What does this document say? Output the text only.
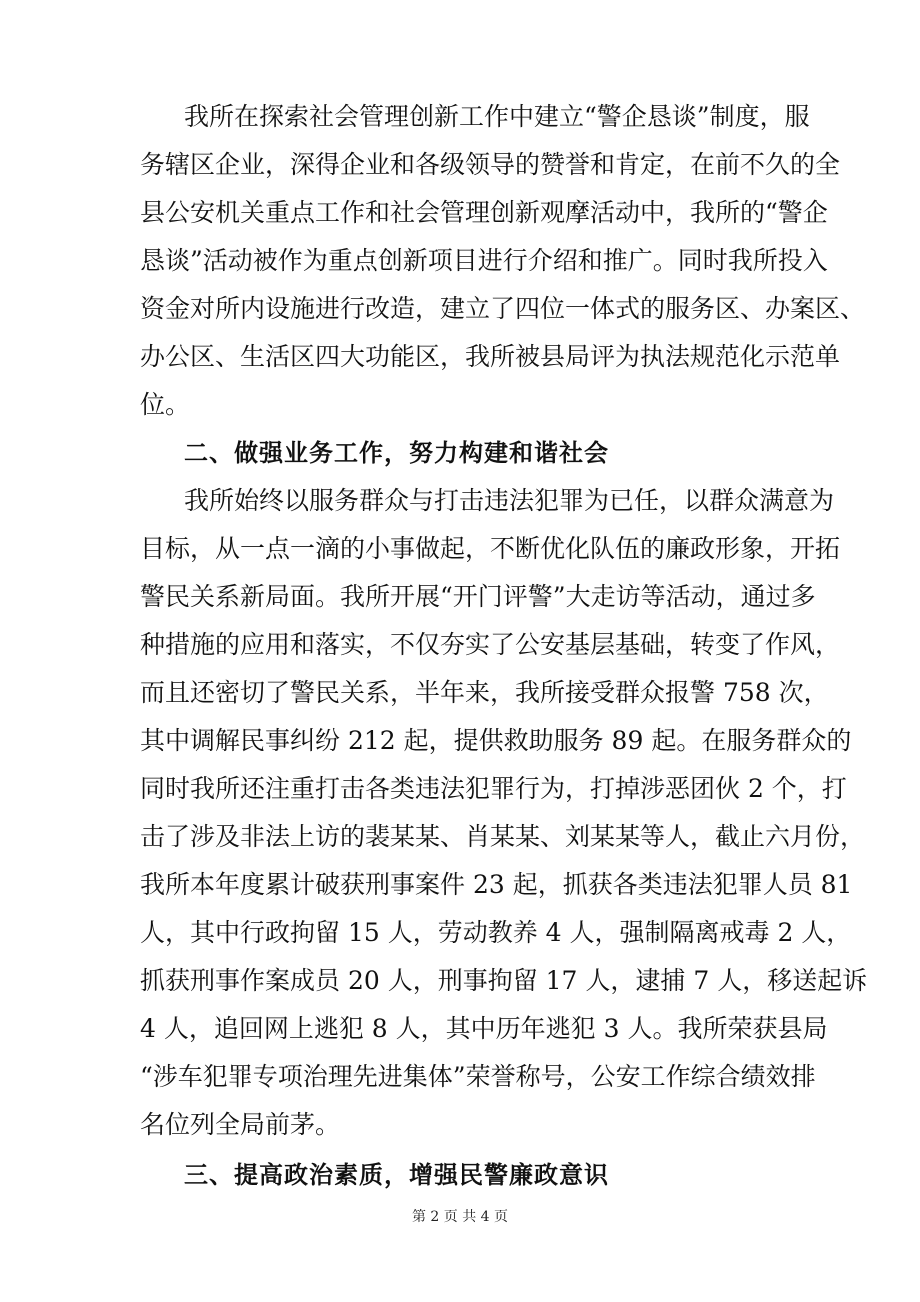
我所在探索社会管理创新工作中建立“警企恳谈”制度，服
务辖区企业，深得企业和各级领导的赞誉和肯定，在前不久的全
县公安机关重点工作和社会管理创新观摩活动中，我所的“警企
恳谈”活动被作为重点创新项目进行介绍和推广。同时我所投入
资金对所内设施进行改造，建立了四位一体式的服务区、办案区、
办公区、生活区四大功能区，我所被县局评为执法规范化示范单
位。
二、做强业务工作，努力构建和谐社会
我所始终以服务群众与打击违法犯罪为已任，以群众满意为
目标，从一点一滴的小事做起，不断优化队伍的廉政形象，开拓
警民关系新局面。我所开展“开门评警”大走访等活动，通过多
种措施的应用和落实，不仅夯实了公安基层基础，转变了作风，
而且还密切了警民关系，半年来，我所接受群众报警 758 次，
其中调解民事纠纷 212 起，提供救助服务 89 起。在服务群众的
同时我所还注重打击各类违法犯罪行为，打掉涉恶团伙 2 个，打
击了涉及非法上访的裴某某、肖某某、刘某某等人，截止六月份，
我所本年度累计破获刑事案件 23 起，抓获各类违法犯罪人员 81
人，其中行政拘留 15 人，劳动教养 4 人，强制隔离戒毒 2 人，
抓获刑事作案成员 20 人，刑事拘留 17 人，逮捕 7 人，移送起诉
4 人，追回网上逃犯 8 人，其中历年逃犯 3 人。我所荣获县局
“涉车犯罪专项治理先进集体”荣誉称号，公安工作综合绩效排
名位列全局前茅。
三、提高政治素质，增强民警廉政意识
第 2 页 共 4 页
